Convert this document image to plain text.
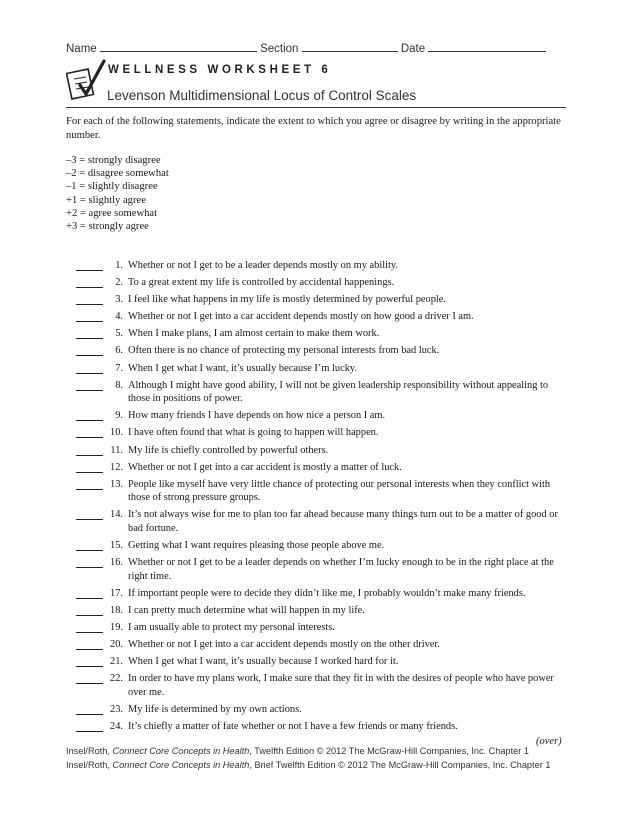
Name	Section	Date
WELLNESS WORKSHEET 6
Levenson Multidimensional Locus of Control Scales
For each of the following statements, indicate the extent to which you agree or disagree by writing in the appropriate number.
–3 = strongly disagree
–2 = disagree somewhat
–1 = slightly disagree
+1 = slightly agree
+2 = agree somewhat
+3 = strongly agree
1. Whether or not I get to be a leader depends mostly on my ability.
2. To a great extent my life is controlled by accidental happenings.
3. I feel like what happens in my life is mostly determined by powerful people.
4. Whether or not I get into a car accident depends mostly on how good a driver I am.
5. When I make plans, I am almost certain to make them work.
6. Often there is no chance of protecting my personal interests from bad luck.
7. When I get what I want, it’s usually because I’m lucky.
8. Although I might have good ability, I will not be given leadership responsibility without appealing to those in positions of power.
9. How many friends I have depends on how nice a person I am.
10. I have often found that what is going to happen will happen.
11. My life is chiefly controlled by powerful others.
12. Whether or not I get into a car accident is mostly a matter of luck.
13. People like myself have very little chance of protecting our personal interests when they conflict with those of strong pressure groups.
14. It’s not always wise for me to plan too far ahead because many things turn out to be a matter of good or bad fortune.
15. Getting what I want requires pleasing those people above me.
16. Whether or not I get to be a leader depends on whether I’m lucky enough to be in the right place at the right time.
17. If important people were to decide they didn’t like me, I probably wouldn’t make many friends.
18. I can pretty much determine what will happen in my life.
19. I am usually able to protect my personal interests.
20. Whether or not I get into a car accident depends mostly on the other driver.
21. When I get what I want, it’s usually because I worked hard for it.
22. In order to have my plans work, I make sure that they fit in with the desires of people who have power over me.
23. My life is determined by my own actions.
24. It’s chiefly a matter of fate whether or not I have a few friends or many friends.
(over)
Insel/Roth, Connect Core Concepts in Health, Twelfth Edition © 2012 The McGraw-Hill Companies, Inc. Chapter 1
Insel/Roth, Connect Core Concepts in Health, Brief Twelfth Edition © 2012 The McGraw-Hill Companies, Inc. Chapter 1
